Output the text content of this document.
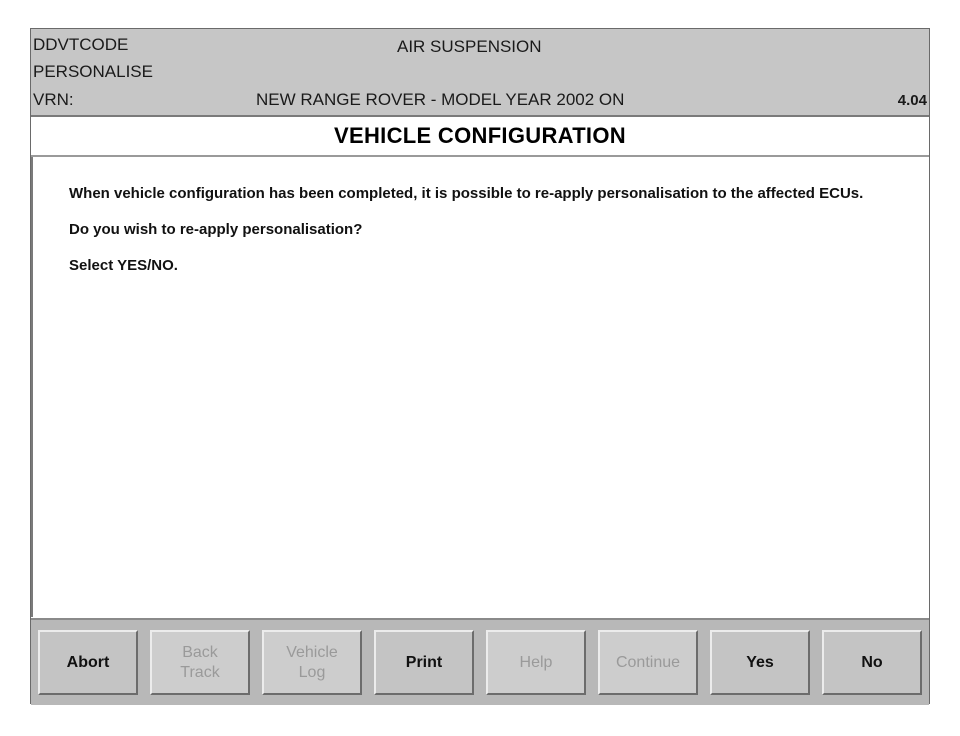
DDVTCODE	AIR SUSPENSION
PERSONALISE
VRN:	NEW RANGE ROVER - MODEL YEAR 2002 ON	4.04
VEHICLE CONFIGURATION

When vehicle configuration has been completed, it is possible to re-apply personalisation to the affected ECUs.

Do you wish to re-apply personalisation?

Select YES/NO.

Abort
Back
Track
Vehicle
Log
Print	Help	Continue	Yes	No
